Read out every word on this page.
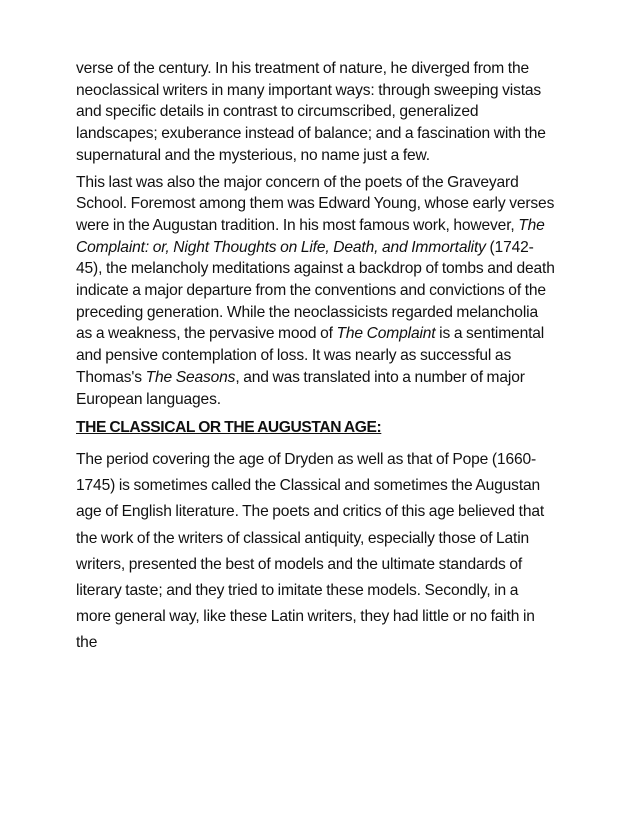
verse of the century. In his treatment of nature, he diverged from the neoclassical writers in many important ways: through sweeping vistas and specific details in contrast to circumscribed, generalized landscapes; exuberance instead of balance; and a fascination with the supernatural and the mysterious, no name just a few.

This last was also the major concern of the poets of the Graveyard School. Foremost among them was Edward Young, whose early verses were in the Augustan tradition. In his most famous work, however, The Complaint: or, Night Thoughts on Life, Death, and Immortality (1742-45), the melancholy meditations against a backdrop of tombs and death indicate a major departure from the conventions and convictions of the preceding generation. While the neoclassicists regarded melancholia as a weakness, the pervasive mood of The Complaint is a sentimental and pensive contemplation of loss. It was nearly as successful as Thomas's The Seasons, and was translated into a number of major European languages.

THE CLASSICAL OR THE AUGUSTAN AGE:

The period covering the age of Dryden as well as that of Pope (1660-1745) is sometimes called the Classical and sometimes the Augustan age of English literature. The poets and critics of this age believed that the work of the writers of classical antiquity, especially those of Latin writers, presented the best of models and the ultimate standards of literary taste; and they tried to imitate these models. Secondly, in a more general way, like these Latin writers, they had little or no faith in the
